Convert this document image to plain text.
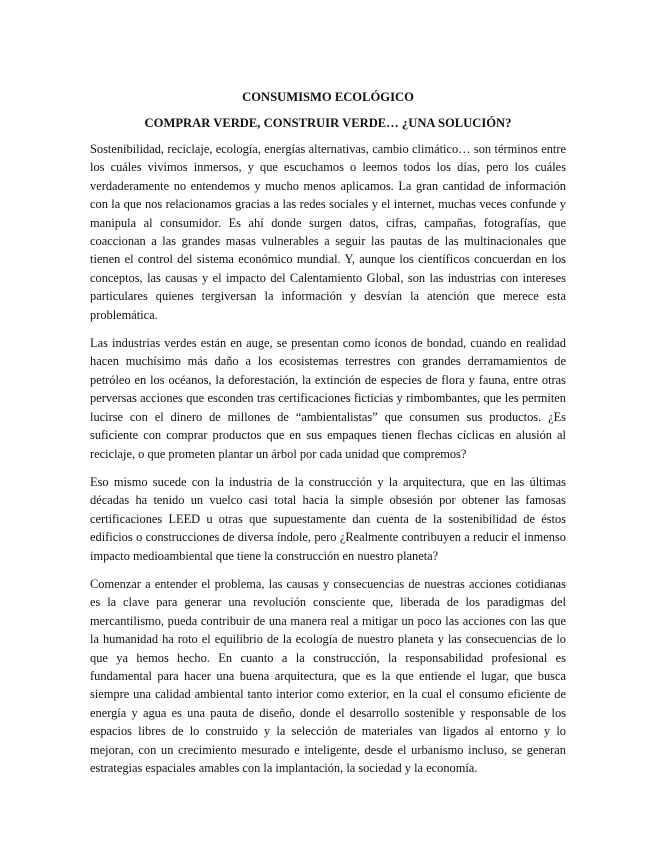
CONSUMISMO ECOLÓGICO

COMPRAR VERDE, CONSTRUIR VERDE… ¿UNA SOLUCIÓN?

Sostenibilidad, reciclaje, ecología, energías alternativas, cambio climático… son términos entre los cuáles vivimos inmersos, y que escuchamos o leemos todos los días, pero los cuáles verdaderamente no entendemos y mucho menos aplicamos. La gran cantidad de información con la que nos relacionamos gracias a las redes sociales y el internet, muchas veces confunde y manipula al consumidor. Es ahí donde surgen datos, cifras, campañas, fotografías, que coaccionan a las grandes masas vulnerables a seguir las pautas de las multinacionales que tienen el control del sistema económico mundial. Y, aunque los científicos concuerdan en los conceptos, las causas y el impacto del Calentamiento Global, son las industrias con intereses particulares quienes tergiversan la información y desvían la atención que merece esta problemática.

Las industrias verdes están en auge, se presentan como íconos de bondad, cuando en realidad hacen muchísimo más daño a los ecosistemas terrestres con grandes derramamientos de petróleo en los océanos, la deforestación, la extinción de especies de flora y fauna, entre otras perversas acciones que esconden tras certificaciones ficticias y rimbombantes, que les permiten lucirse con el dinero de millones de “ambientalistas” que consumen sus productos. ¿Es suficiente con comprar productos que en sus empaques tienen flechas cíclicas en alusión al reciclaje, o que prometen plantar un árbol por cada unidad que compremos?

Eso mismo sucede con la industria de la construcción y la arquitectura, que en las últimas décadas ha tenido un vuelco casi total hacia la simple obsesión por obtener las famosas certificaciones LEED u otras que supuestamente dan cuenta de la sostenibilidad de éstos edificios o construcciones de diversa índole, pero ¿Realmente contribuyen a reducir el inmenso impacto medioambiental que tiene la construcción en nuestro planeta?

Comenzar a entender el problema, las causas y consecuencias de nuestras acciones cotidianas es la clave para generar una revolución consciente que, liberada de los paradigmas del mercantilismo, pueda contribuir de una manera real a mitigar un poco las acciones con las que la humanidad ha roto el equilibrio de la ecología de nuestro planeta y las consecuencias de lo que ya hemos hecho. En cuanto a la construcción, la responsabilidad profesional es fundamental para hacer una buena arquitectura, que es la que entiende el lugar, que busca siempre una calidad ambiental tanto interior como exterior, en la cual el consumo eficiente de energía y agua es una pauta de diseño, donde el desarrollo sostenible y responsable de los espacios libres de lo construido y la selección de materiales van ligados al entorno y lo mejoran, con un crecimiento mesurado e inteligente, desde el urbanismo incluso, se generan estrategias espaciales amables con la implantación, la sociedad y la economía.
